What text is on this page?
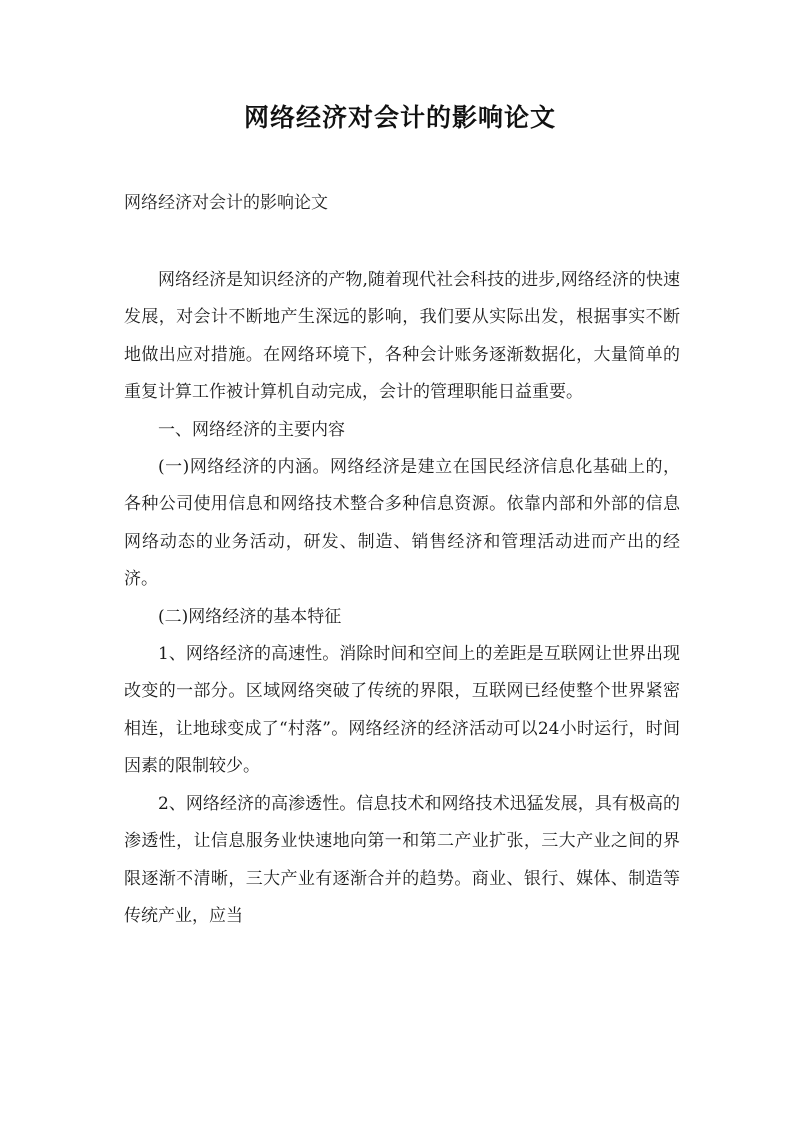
网络经济对会计的影响论文
网络经济对会计的影响论文

网络经济是知识经济的产物,随着现代社会科技的进步,网络经济的快速发展，对会计不断地产生深远的影响，我们要从实际出发，根据事实不断地做出应对措施。在网络环境下，各种会计账务逐渐数据化，大量简单的重复计算工作被计算机自动完成，会计的管理职能日益重要。

一、网络经济的主要内容

(一)网络经济的内涵。网络经济是建立在国民经济信息化基础上的，各种公司使用信息和网络技术整合多种信息资源。依靠内部和外部的信息网络动态的业务活动，研发、制造、销售经济和管理活动进而产出的经济。

(二)网络经济的基本特征

1、网络经济的高速性。消除时间和空间上的差距是互联网让世界出现改变的一部分。区域网络突破了传统的界限，互联网已经使整个世界紧密相连，让地球变成了“村落”。网络经济的经济活动可以24小时运行，时间因素的限制较少。

2、网络经济的高渗透性。信息技术和网络技术迅猛发展，具有极高的渗透性，让信息服务业快速地向第一和第二产业扩张，三大产业之间的界限逐渐不清晰，三大产业有逐渐合并的趋势。商业、银行、媒体、制造等传统产业，应当
